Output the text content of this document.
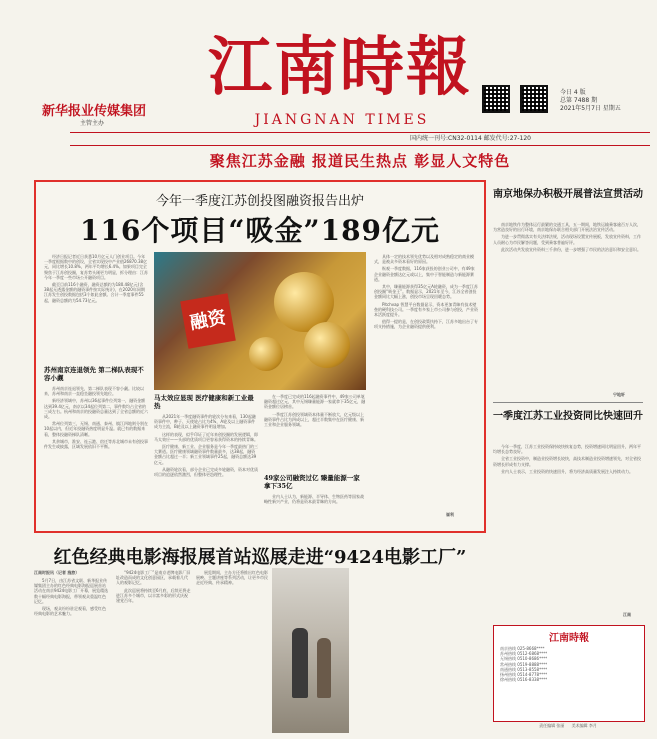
新华报业传媒集团
主管主办
江南時報
JIANGNAN TIMES
今日 4 版
总第 7488 期
2021年5月7日 星期五
国内统一刊号:CN32-0114 邮发代号:27-120
聚焦江苏金融 报道民生热点 彰显人文特色
今年一季度江苏创投图融资报告出炉
116个项目“吸金”189亿元

经济日报记者近日获悉10月亿元人门创业项目。今年一季度根据数中的创设，全省实现投中产业值26870.38亿元，同比增长10.8%，两年平均增长6.4%。如果项目完全聚焦于江苏创投圈，复苏势头刚更为明显，拆分理由：江苏今年一季度一些市场公开融资项目。

截至目前116个融资，融资总额约为180.48亿元(含38起无透露金额的融资事件按实际统计)，在2020年同期江苏发生创投数据包括3个如此金额。合计一季度事件55起，融资总额约为54.73亿元。

苏州南京连退领先 第二梯队表现不容小觑

苏州南京连退领先，第二梯队表现不容小觑。比较以来，苏州和南京一直稳坐融投领先地位。

新经济领域中，苏州以36起事件位列第一，融资金额达到39.4亿元，南京以34起位列第二，事件数均占全省的三成左右。杭州和南京的投融资总量达到了全省总额的近六成。

常州位列第三，无锡、南通、泰州、镇江四地则分别在10起以内，但近年投融资热度明显升温。就已有的数据来看，整体投融资梯队清晰。

其余城市，淮安、连云港、宿迁等苏北城市未有创投事件发生或披露，区域发展依旧不平衡。

融资
马太效应显现 医疗健康和新工业最热

从2021年一季度融资事件的轮次分布来看，130起融资事件中，种子、天使轮占比为4%，A轮及以上融资事件成为主流，B轮及以上融资事件明显增加。

这样的表现，似乎印证了近年来创投圈的发展逻辑，即马太效应——头部的优质项目更容易获得资本的持续青睐。

医疗健康、新工业、企业服务是今年一季度最热门的三大赛道。医疗健康领域融资事件数量最多，达38起，融资金额占比超过一半；新工业领域事件25起，融资总额达39亿元。

从融资轮次看，部分企业已完成多轮融资，资本对优质项目的追逐依然激烈，但整体更趋理性。

在一季度已完成的116起融资事件中，49家公司单笔融资超过亿元，其中无锡臻量能源一家就拿下35亿元，融资金额位居榜首。

一季度江苏创投领域资本体量不断放大，亿元级以上融资事件占比为四成以上，超过半数集中在医疗健康、新工业和企业服务领域。

49家公司融资过亿 臻量能源一家拿下35亿

业内人士认为，新能源、半导体、生物医药等国家战略性新兴产业，仍将是资本最青睐的方向。

具体一定的技术领先优势以及相对成熟稳定的商业模式，是被众多资本看好的原因。

纵观一季度数据，116家获投的创业公司中，有49家企业融资金额达亿元或以上，集中于智能制造与新能源赛道。

其中，臻量能源获得35亿元A轮融资，成为一季度江苏创投圈“吸金王”。数据显示，2021年至今，江苏全省创投金额同比大幅上涨，创投市场呈现回暖态势。

Pitchvap 智慧平台数据显示，资本更加青睐有技术壁垒的硬科技公司。一季度有多家上市公司参与创投，产业资本活跃度提升。

值得一提的是，在创投政策扶持下，江苏多地出台了专项支持措施，为企业融资提供便利。

崔利
南京地保办积极开展普法宣贯活动

南京地铁作为整体运行最繁的交通工具，五一期间，地铁运输乘客逾百万人次，为营造良好的出行环境，南京地保办联合相关部门开展法治宣传活动。

为进一步贯彻落实有关法律法规，活动现场设置宣传展板，发放宣传资料，工作人员耐心为市民解答问题，受到乘客普遍好评。

此次活动共发放宣传资料三千余份，进一步增强了市民的法治意识和安全意识。

宁地轩
一季度江苏工业投资同比快速回升

今年一季度，江苏工业投资保持较快恢复态势，投资增速同比明显回升，两年平均增长态势良好。

全省工业投资中，制造业投资增长较快，高技术制造业投资增速领先，对全省投资增长形成有力支撑。

业内人士表示，工业投资的快速回升，将为经济高质量发展注入持续动力。

江南
江南時報
南京热线 025-8668****
苏州热线 0512-6868****
无锡热线 0510-8686****
常州热线 0519-8888****
南通热线 0513-8558****
扬州热线 0514-8778****
徐州热线 0516-8338****
责任编辑 张丽 美术编辑 李月
红色经典电影海报展首站巡展走进“9424电影工厂”
江南时报讯（记者 施旅）

5月7日，由江苏省文联、新华报业传媒集团主办的红色经典电影海报巡展首站活动在南京9424电影工厂开幕，展览精选数十幅经典电影海报，带领观众重温红色记忆。

现场，观众纷纷驻足观看，感受红色经典电影的艺术魅力。

“9424电影工厂”是南京老牌电影厂旧址改造而成的文化创意园区，承载着几代人的观影记忆。

此次巡展将持续至6月底，后续还将走进江苏多个城市，以丰富多彩的形式庆祝建党百年。

展览期间，主办方还将推出红色电影展映、主题讲座等系列活动，让更多市民走近经典、传承精神。
